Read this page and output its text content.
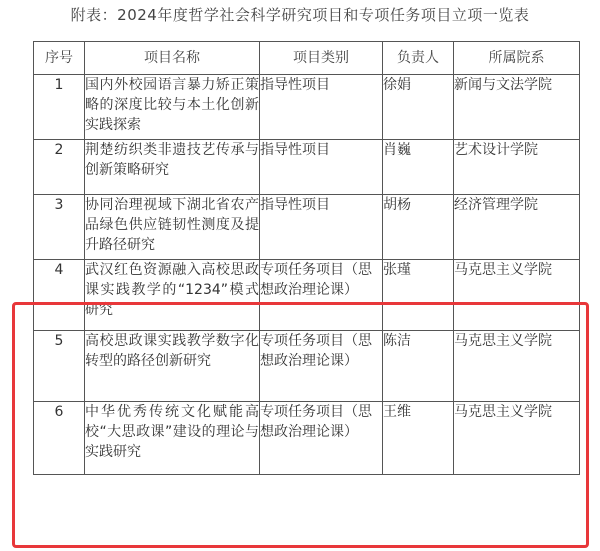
附表：2024年度哲学社会科学研究项目和专项任务项目立项一览表
序号	项目名称	项目类别	负责人	所属院系
1	国内外校园语言暴力矫正策略的深度比较与本土化创新实践探索	指导性项目	徐娟	新闻与文法学院
2	荆楚纺织类非遗技艺传承与创新策略研究	指导性项目	肖巍	艺术设计学院
3	协同治理视域下湖北省农产品绿色供应链韧性测度及提升路径研究	指导性项目	胡杨	经济管理学院
4	武汉红色资源融入高校思政课实践教学的“1234”模式研究	专项任务项目（思想政治理论课）	张瑾	马克思主义学院
5	高校思政课实践教学数字化转型的路径创新研究	专项任务项目（思想政治理论课）	陈洁	马克思主义学院
6	中华优秀传统文化赋能高校“大思政课”建设的理论与实践研究	专项任务项目（思想政治理论课）	王维	马克思主义学院
